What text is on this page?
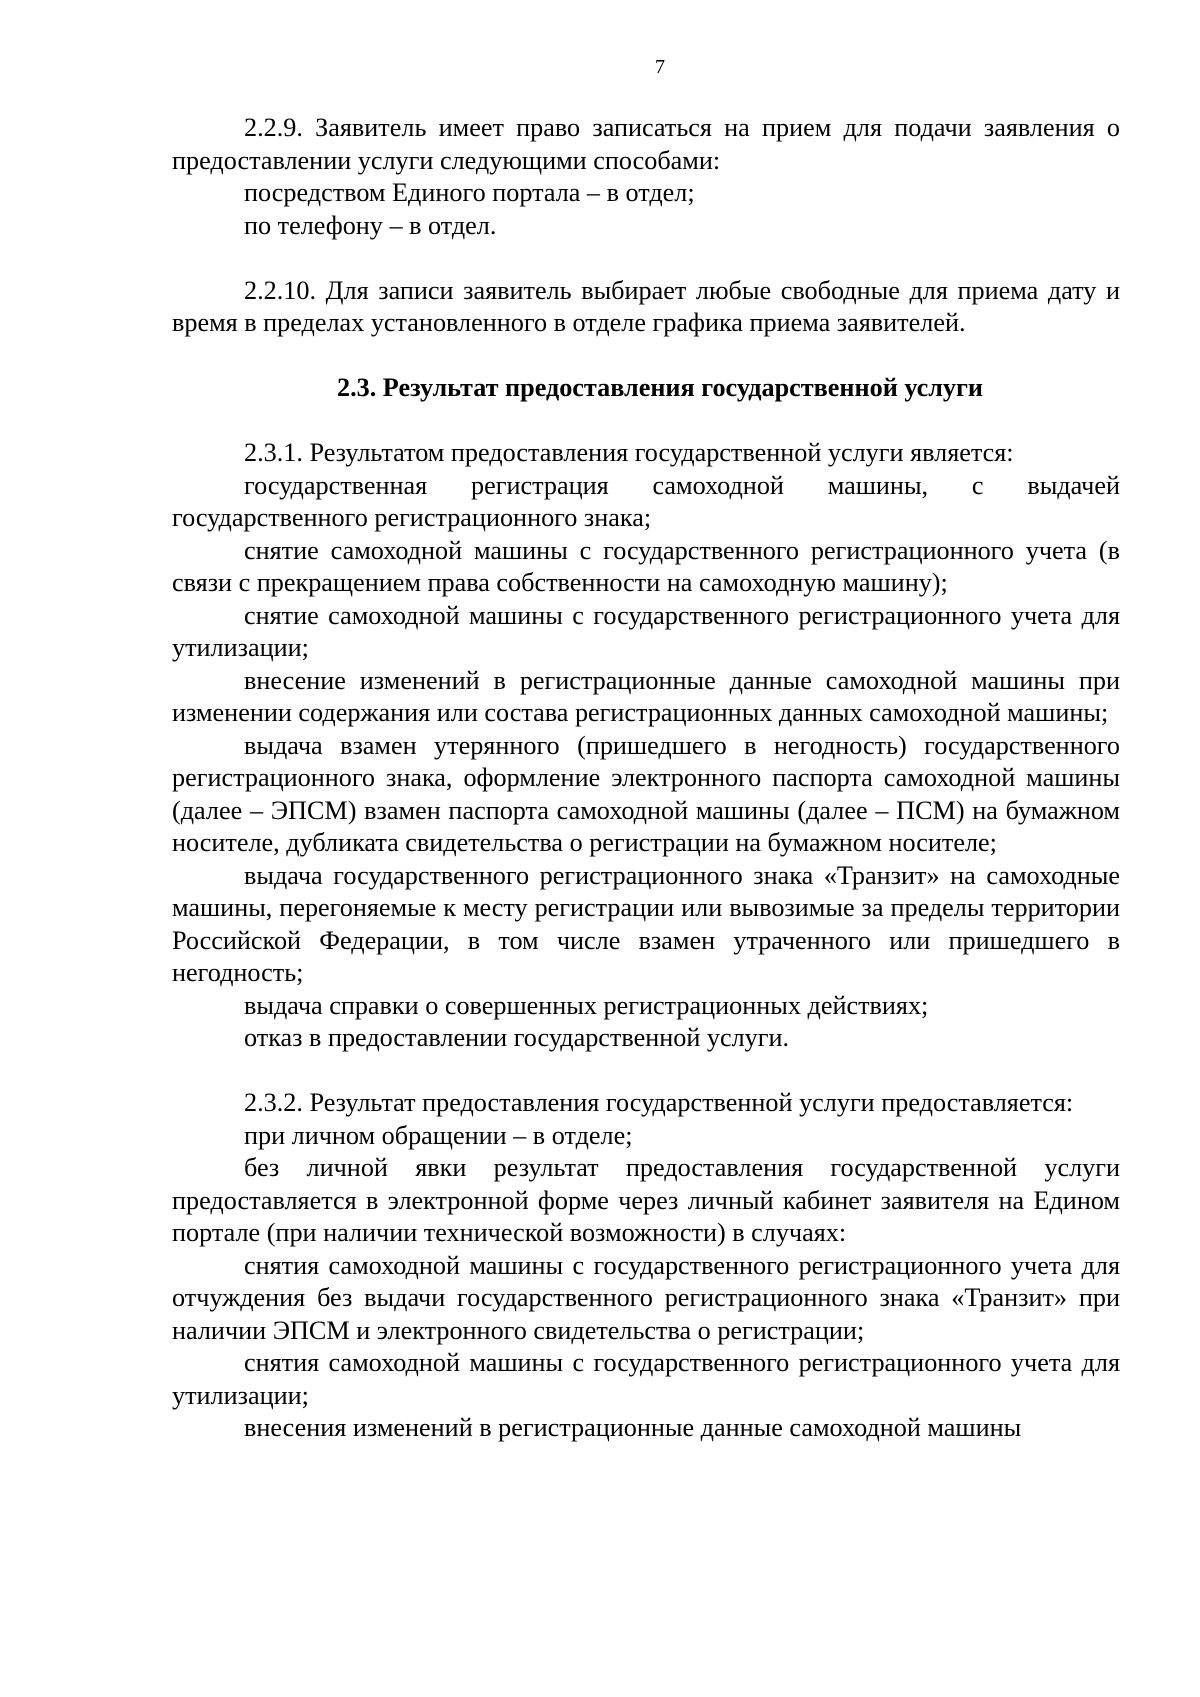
7

2.2.9. Заявитель имеет право записаться на прием для подачи заявления о предоставлении услуги следующими способами:

посредством Единого портала – в отдел;

по телефону – в отдел.

2.2.10. Для записи заявитель выбирает любые свободные для приема дату и время в пределах установленного в отделе графика приема заявителей.

2.3. Результат предоставления государственной услуги

2.3.1. Результатом предоставления государственной услуги является:

государственная регистрация самоходной машины, с выдачей государственного регистрационного знака;

снятие самоходной машины с государственного регистрационного учета (в связи с прекращением права собственности на самоходную машину);

снятие самоходной машины с государственного регистрационного учета для утилизации;

внесение изменений в регистрационные данные самоходной машины при изменении содержания или состава регистрационных данных самоходной машины;

выдача взамен утерянного (пришедшего в негодность) государственного регистрационного знака, оформление электронного паспорта самоходной машины (далее – ЭПСМ) взамен паспорта самоходной машины (далее – ПСМ) на бумажном носителе, дубликата свидетельства о регистрации на бумажном носителе;

выдача государственного регистрационного знака «Транзит» на самоходные машины, перегоняемые к месту регистрации или вывозимые за пределы территории Российской Федерации, в том числе взамен утраченного или пришедшего в негодность;

выдача справки о совершенных регистрационных действиях;

отказ в предоставлении государственной услуги.

2.3.2. Результат предоставления государственной услуги предоставляется:

при личном обращении – в отделе;

без личной явки результат предоставления государственной услуги предоставляется в электронной форме через личный кабинет заявителя на Едином портале (при наличии технической возможности) в случаях:

снятия самоходной машины с государственного регистрационного учета для отчуждения без выдачи государственного регистрационного знака «Транзит» при наличии ЭПСМ и электронного свидетельства о регистрации;

снятия самоходной машины с государственного регистрационного учета для утилизации;

внесения изменений в регистрационные данные самоходной машины
